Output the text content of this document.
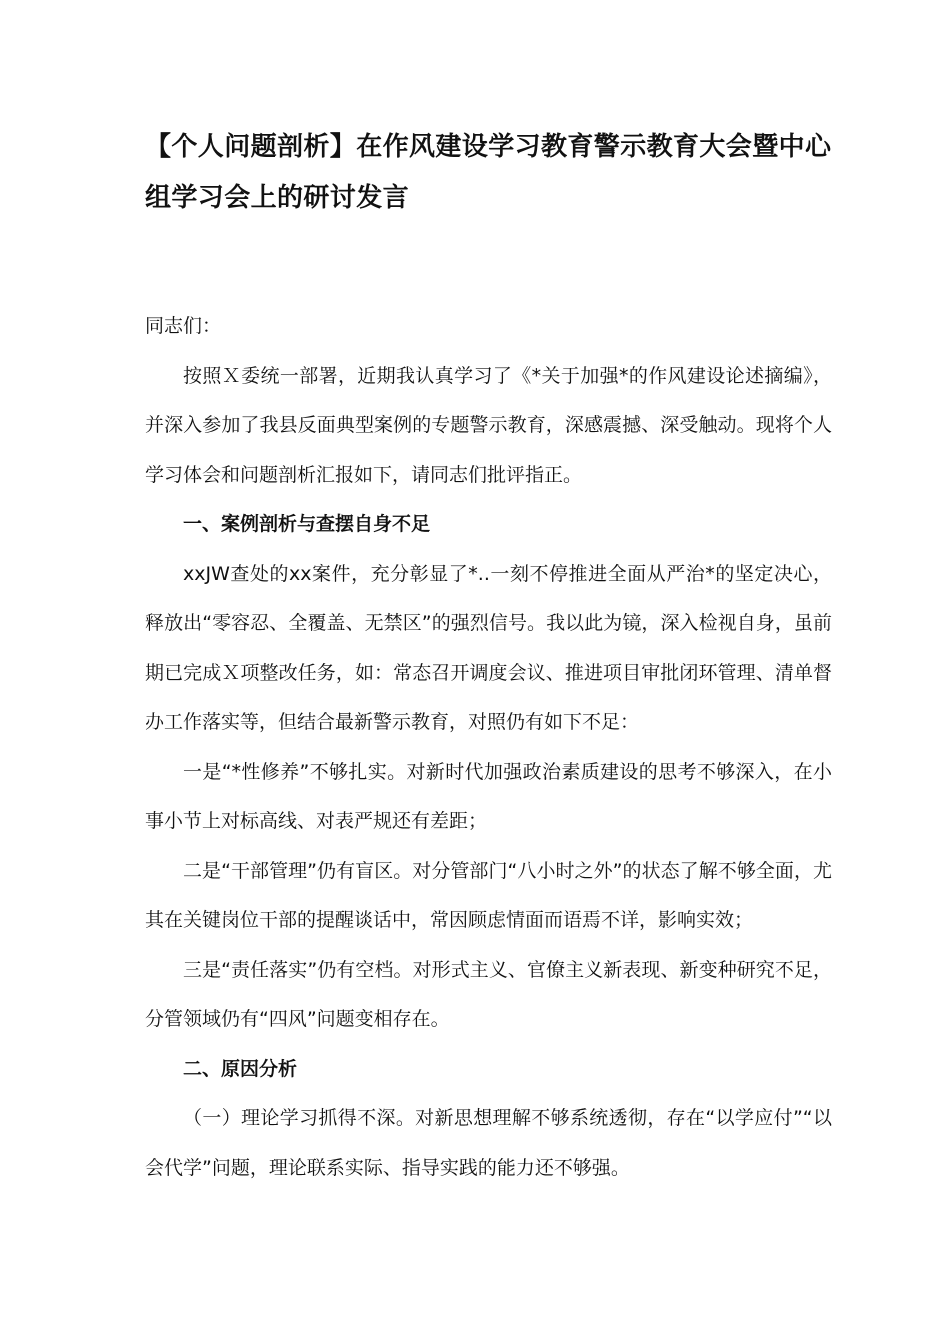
【个人问题剖析】在作风建设学习教育警示教育大会暨中心组学习会上的研讨发言

同志们：

按照Ｘ委统一部署，近期我认真学习了《*关于加强*的作风建设论述摘编》，并深入参加了我县反面典型案例的专题警示教育，深感震撼、深受触动。现将个人学习体会和问题剖析汇报如下，请同志们批评指正。

一、案例剖析与查摆自身不足

xxJW查处的xx案件，充分彰显了*..一刻不停推进全面从严治*的坚定决心，释放出“零容忍、全覆盖、无禁区”的强烈信号。我以此为镜，深入检视自身，虽前期已完成Ｘ项整改任务，如：常态召开调度会议、推进项目审批闭环管理、清单督办工作落实等，但结合最新警示教育，对照仍有如下不足：

一是“*性修养”不够扎实。对新时代加强政治素质建设的思考不够深入，在小事小节上对标高线、对表严规还有差距；

二是“干部管理”仍有盲区。对分管部门“八小时之外”的状态了解不够全面，尤其在关键岗位干部的提醒谈话中，常因顾虑情面而语焉不详，影响实效；

三是“责任落实”仍有空档。对形式主义、官僚主义新表现、新变种研究不足，分管领域仍有“四风”问题变相存在。

二、原因分析

（一）理论学习抓得不深。对新思想理解不够系统透彻，存在“以学应付”“以会代学”问题，理论联系实际、指导实践的能力还不够强。
